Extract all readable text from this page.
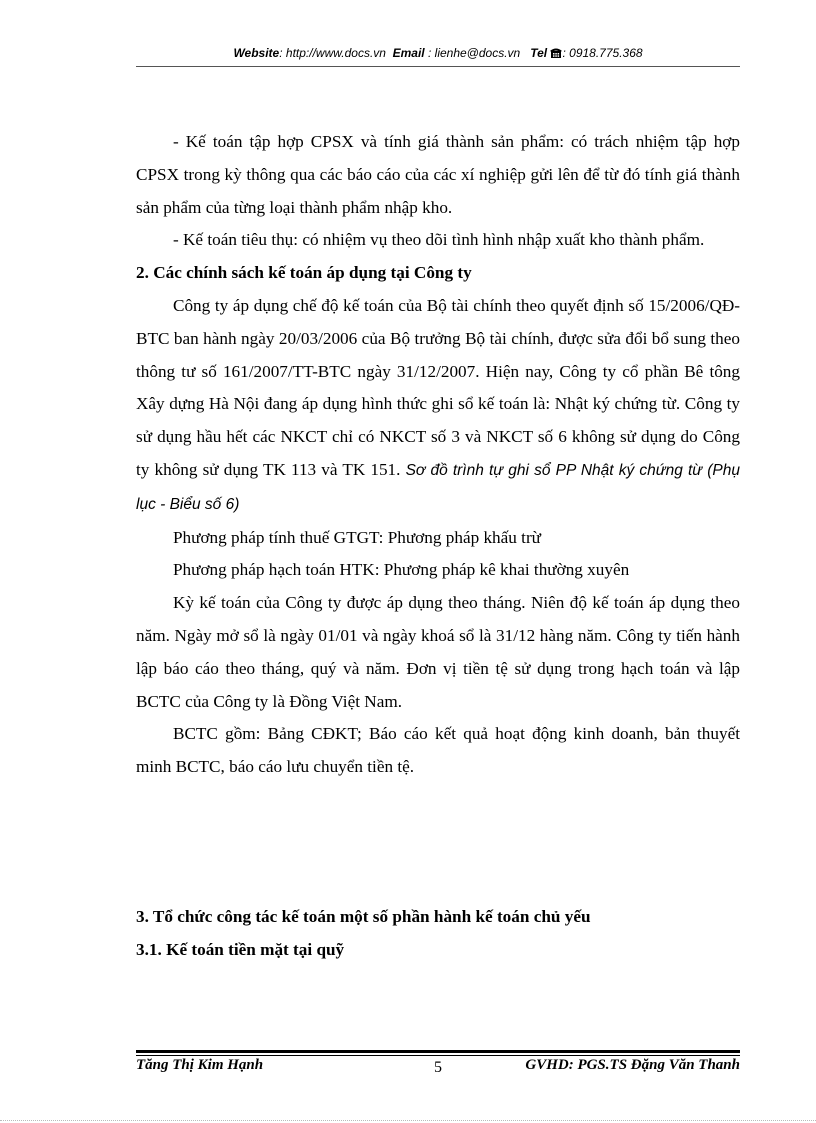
Website: http://www.docs.vn Email : lienhe@docs.vn Tel : 0918.775.368

- Kế toán tập hợp CPSX và tính giá thành sản phẩm: có trách nhiệm tập hợp CPSX trong kỳ thông qua các báo cáo của các xí nghiệp gửi lên để từ đó tính giá thành sản phẩm của từng loại thành phẩm nhập kho.

- Kế toán tiêu thụ: có nhiệm vụ theo dõi tình hình nhập xuất kho thành phẩm.

2. Các chính sách kế toán áp dụng tại Công ty

Công ty áp dụng chế độ kế toán của Bộ tài chính theo quyết định số 15/2006/QĐ-BTC ban hành ngày 20/03/2006 của Bộ trưởng Bộ tài chính, được sửa đổi bổ sung theo thông tư số 161/2007/TT-BTC ngày 31/12/2007. Hiện nay, Công ty cổ phần Bê tông Xây dựng Hà Nội đang áp dụng hình thức ghi sổ kế toán là: Nhật ký chứng từ. Công ty sử dụng hầu hết các NKCT chỉ có NKCT số 3 và NKCT số 6 không sử dụng do Công ty không sử dụng TK 113 và TK 151. Sơ đồ trình tự ghi sổ PP Nhật ký chứng từ (Phụ lục - Biểu số 6)

Phương pháp tính thuế GTGT: Phương pháp khấu trừ

Phương pháp hạch toán HTK: Phương pháp kê khai thường xuyên

Kỳ kế toán của Công ty được áp dụng theo tháng. Niên độ kế toán áp dụng theo năm. Ngày mở sổ là ngày 01/01 và ngày khoá sổ là 31/12 hàng năm. Công ty tiến hành lập báo cáo theo tháng, quý và năm. Đơn vị tiền tệ sử dụng trong hạch toán và lập BCTC của Công ty là Đồng Việt Nam.

BCTC gồm: Bảng CĐKT; Báo cáo kết quả hoạt động kinh doanh, bản thuyết minh BCTC, báo cáo lưu chuyển tiền tệ.

3. Tổ chức công tác kế toán một số phần hành kế toán chủ yếu

3.1. Kế toán tiền mặt tại quỹ

Tăng Thị Kim Hạnh	5	GVHD: PGS.TS Đặng Văn Thanh
